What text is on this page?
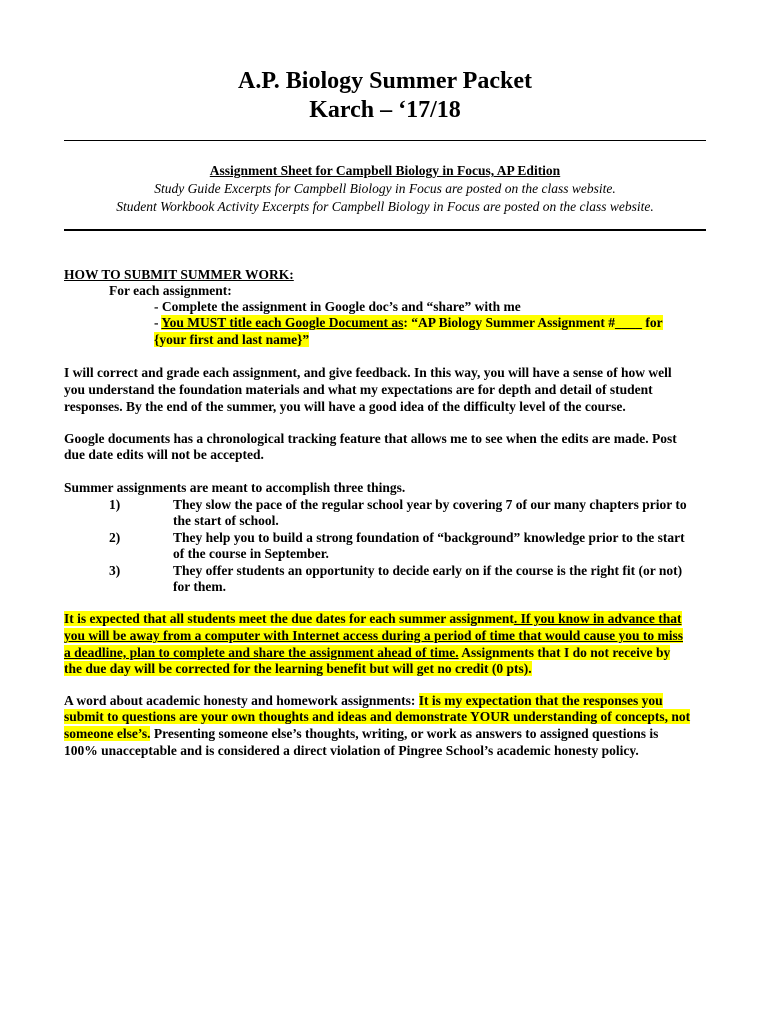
A.P. Biology Summer Packet
Karch – ‘17/18
Assignment Sheet for Campbell Biology in Focus, AP Edition
Study Guide Excerpts for Campbell Biology in Focus are posted on the class website.
Student Workbook Activity Excerpts for Campbell Biology in Focus are posted on the class website.
HOW TO SUBMIT SUMMER WORK:
For each assignment:
- Complete the assignment in Google doc’s and “share” with me
- You MUST title each Google Document as: “AP Biology Summer Assignment #____ for
{your first and last name}”
I will correct and grade each assignment, and give feedback. In this way, you will have a sense of how well
you understand the foundation materials and what my expectations are for depth and detail of student
responses. By the end of the summer, you will have a good idea of the difficulty level of the course.
Google documents has a chronological tracking feature that allows me to see when the edits are made. Post
due date edits will not be accepted.
Summer assignments are meant to accomplish three things.
1)	They slow the pace of the regular school year by covering 7 of our many chapters prior to
the start of school.
2)	They help you to build a strong foundation of “background” knowledge prior to the start
of the course in September.
3)	They offer students an opportunity to decide early on if the course is the right fit (or not)
for them.
It is expected that all students meet the due dates for each summer assignment. If you know in advance that
you will be away from a computer with Internet access during a period of time that would cause you to miss
a deadline, plan to complete and share the assignment ahead of time. Assignments that I do not receive by
the due day will be corrected for the learning benefit but will get no credit (0 pts).
A word about academic honesty and homework assignments: It is my expectation that the responses you
submit to questions are your own thoughts and ideas and demonstrate YOUR understanding of concepts, not
someone else’s. Presenting someone else’s thoughts, writing, or work as answers to assigned questions is
100% unacceptable and is considered a direct violation of Pingree School’s academic honesty policy.
